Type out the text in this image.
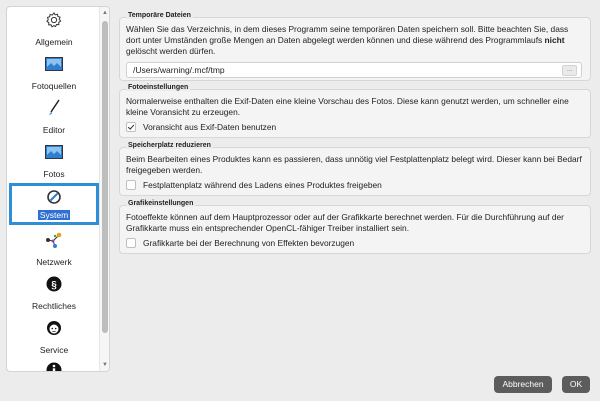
Allgemein
Fotoquellen
Editor
Fotos
System
Netzwerk
§
Rechtliches
Service
▲
▼
Temporäre Dateien
Wählen Sie das Verzeichnis, in dem dieses Programm seine temporären Daten speichern soll. Bitte beachten Sie, dass dort unter Umständen große Mengen an Daten abgelegt werden können und diese während des Programmlaufs nicht gelöscht werden dürfen.
/Users/warning/.mcf/tmp	...
Fotoeinstellungen
Normalerweise enthalten die Exif-Daten eine kleine Vorschau des Fotos. Diese kann genutzt werden, um schneller eine kleine Voransicht zu erzeugen.
Voransicht aus Exif-Daten benutzen
Speicherplatz reduzieren
Beim Bearbeiten eines Produktes kann es passieren, dass unnötig viel Festplattenplatz belegt wird. Dieser kann bei Bedarf freigegeben werden.
Festplattenplatz während des Ladens eines Produktes freigeben
Grafikeinstellungen
Fotoeffekte können auf dem Hauptprozessor oder auf der Grafikkarte berechnet werden. Für die Durchführung auf der Grafikkarte muss ein entsprechender OpenCL-fähiger Treiber installiert sein.
Grafikkarte bei der Berechnung von Effekten bevorzugen
Abbrechen	OK
